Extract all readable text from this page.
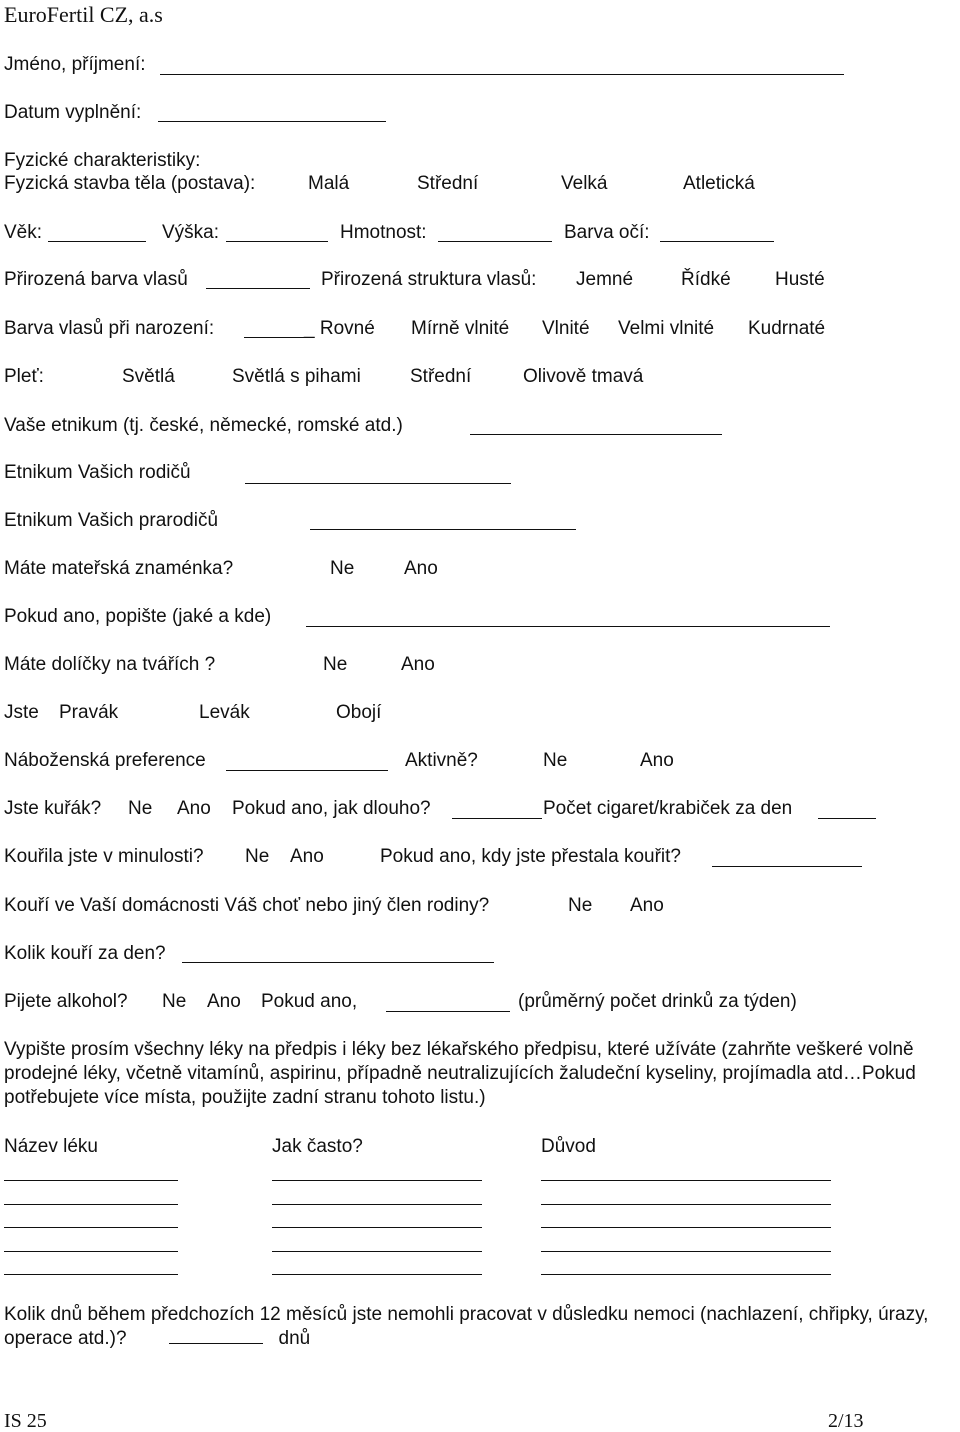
EuroFertil CZ, a.s
Jméno, příjmení:
Datum vyplnění:
Fyzické charakteristiky:
Fyzická stavba těla (postava):	Malá	Střední	Velká	Atletická
Věk:	Výška:	Hmotnost:	Barva očí:
Přirozená barva vlasů	Přirozená struktura vlasů: Jemné	Řídké Husté
Barva vlasů při narození:	_ Rovné Mírně vlnité Vlnité Velmi vlnité Kudrnaté
Pleť:	Světlá	Světlá s pihami	Střední	Olivově tmavá
Vaše etnikum (tj. české, německé, romské atd.)
Etnikum Vašich rodičů
Etnikum Vašich prarodičů
Máte mateřská znaménka?	Ne	Ano
Pokud ano, popište (jaké a kde)
Máte dolíčky na tvářích ?	Ne	Ano
Jste Pravák	Levák	Obojí
Náboženská preference	Aktivně?	Ne	Ano
Jste kuřák? Ne Ano Pokud ano, jak dlouho?	Počet cigaret/krabiček za den
Kouřila jste v minulosti? Ne Ano	Pokud ano, kdy jste přestala kouřit?
Kouří ve Vaší domácnosti Váš choť nebo jiný člen rodiny?	Ne Ano
Kolik kouří za den?
Pijete alkohol? Ne Ano Pokud ano,	(průměrný počet drinků za týden)
Vypište prosím všechny léky na předpis i léky bez lékařského předpisu, které užíváte (zahrňte veškeré volně prodejné léky, včetně vitamínů, aspirinu, případně neutralizujících žaludeční kyseliny, projímadla atd…Pokud potřebujete více místa, použijte zadní stranu tohoto listu.)
Název léku	Jak často?	Důvod
Kolik dnů během předchozích 12 měsíců jste nemohli pracovat v důsledku nemoci (nachlazení, chřipky, úrazy, operace atd.)?	dnů
IS 25	2/13
